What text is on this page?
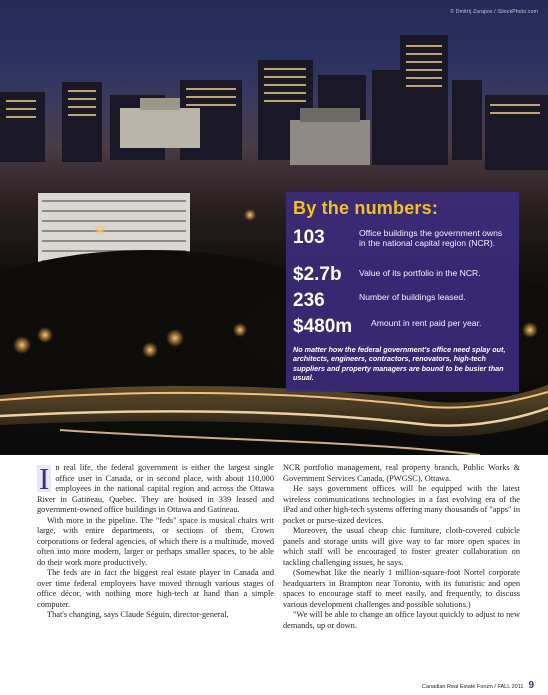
© Dmitrij Zarapov / iStockPhoto.com
By the numbers:
103	Office buildings the government owns in the national capital region (NCR).
$2.7b	Value of its portfolio in the NCR.
236	Number of buildings leased.
$480m	Amount in rent paid per year.
No matter how the federal government's office need splay out, architects, engineers, contractors, renovators, high-tech suppliers and property managers are bound to be busier than usual.

I n real life, the federal government is either the largest single office user in Canada, or in second place, with about 110,000 employees in the national capital region and across the Ottawa River in Gatineau, Quebec. They are housed in 339 leased and government-owned office buildings in Ottawa and Gatineau.

With more in the pipeline. The "feds" space is musical chairs writ large, with entire departments, or sections of them, Crown corporations or federal agencies, of which there is a multitude, moved often into more modern, larger or perhaps smaller spaces, to be able do their work more productively.

The feds are in fact the biggest real estate player in Canada and over time federal employees have moved through various stages of office décor, with nothing more high-tech at hand than a simple computer.

That's changing, says Claude Séguin, director-general,

NCR portfolio management, real property branch, Public Works & Government Services Canada, (PWGSC), Ottawa.

He says government offices will be equipped with the latest wireless communications technologies in a fast evolving era of the iPad and other high-tech systems offering many thousands of "apps" in pocket or purse-sized devices.

Moreover, the usual cheap chic furniture, cloth-covered cubicle panels and storage units will give way to far more open spaces in which staff will be encouraged to foster greater collaboration on tackling challenging issues, he says.

(Somewhat like the nearly 1 million-square-foot Nortel corporate headquarters in Brampton near Toronto, with its futuristic and open spaces to encourage staff to meet easily, and frequently, to discuss various development challenges and possible solutions.)

"We will be able to change an office layout quickly to adjust to new demands, up or down.

Canadian Real Estate Forum / FALL 2011 9
